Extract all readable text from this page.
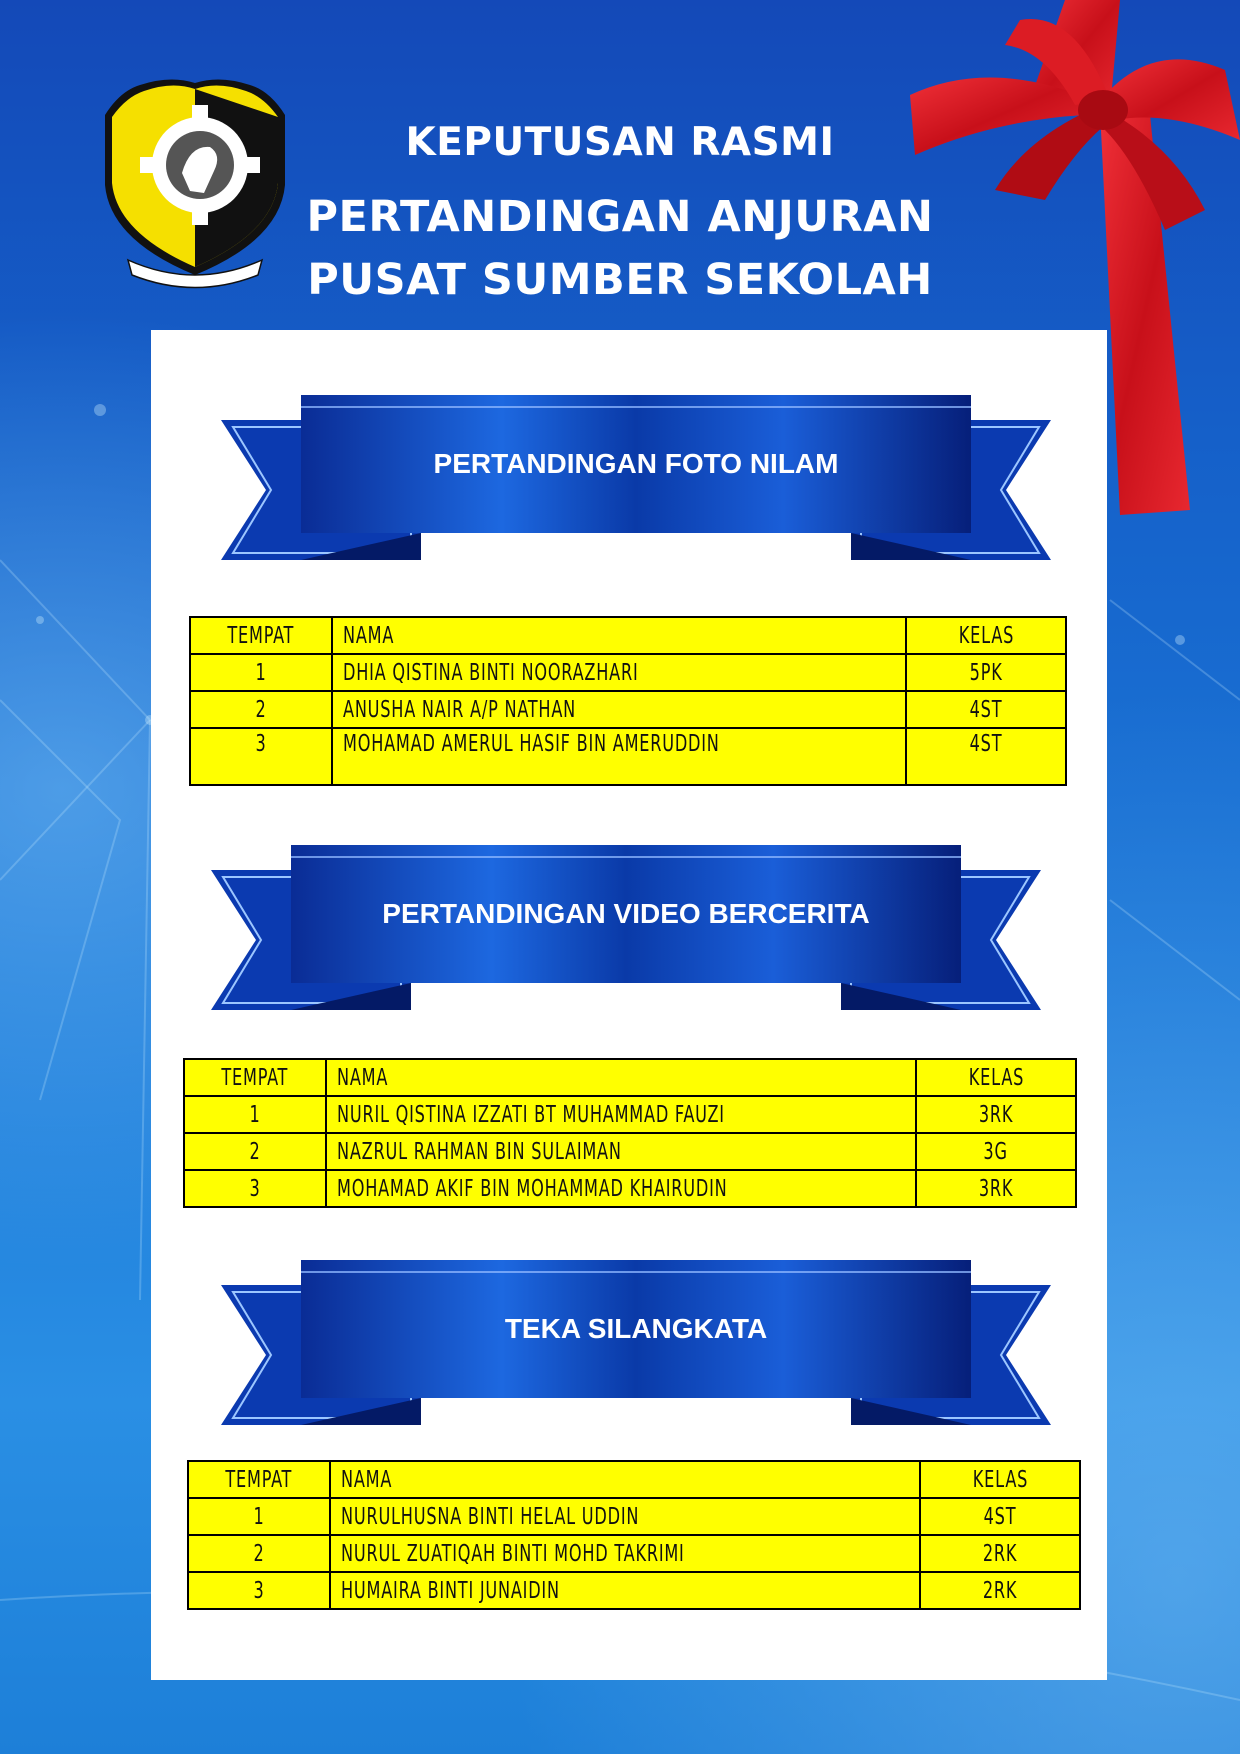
KEPUTUSAN RASMI
PERTANDINGAN ANJURAN
PUSAT SUMBER SEKOLAH

PERTANDINGAN FOTO NILAM

TEMPAT	NAMA	KELAS
1	DHIA QISTINA BINTI NOORAZHARI	5PK
2	ANUSHA NAIR A/P NATHAN	4ST
3	MOHAMAD AMERUL HASIF BIN AMERUDDIN	4ST

PERTANDINGAN VIDEO BERCERITA

TEMPAT	NAMA	KELAS
1	NURIL QISTINA IZZATI BT MUHAMMAD FAUZI	3RK
2	NAZRUL RAHMAN BIN SULAIMAN	3G
3	MOHAMAD AKIF BIN MOHAMMAD KHAIRUDIN	3RK

TEKA SILANGKATA

TEMPAT	NAMA	KELAS
1	NURULHUSNA BINTI HELAL UDDIN	4ST
2	NURUL ZUATIQAH BINTI MOHD TAKRIMI	2RK
3	HUMAIRA BINTI JUNAIDIN	2RK
